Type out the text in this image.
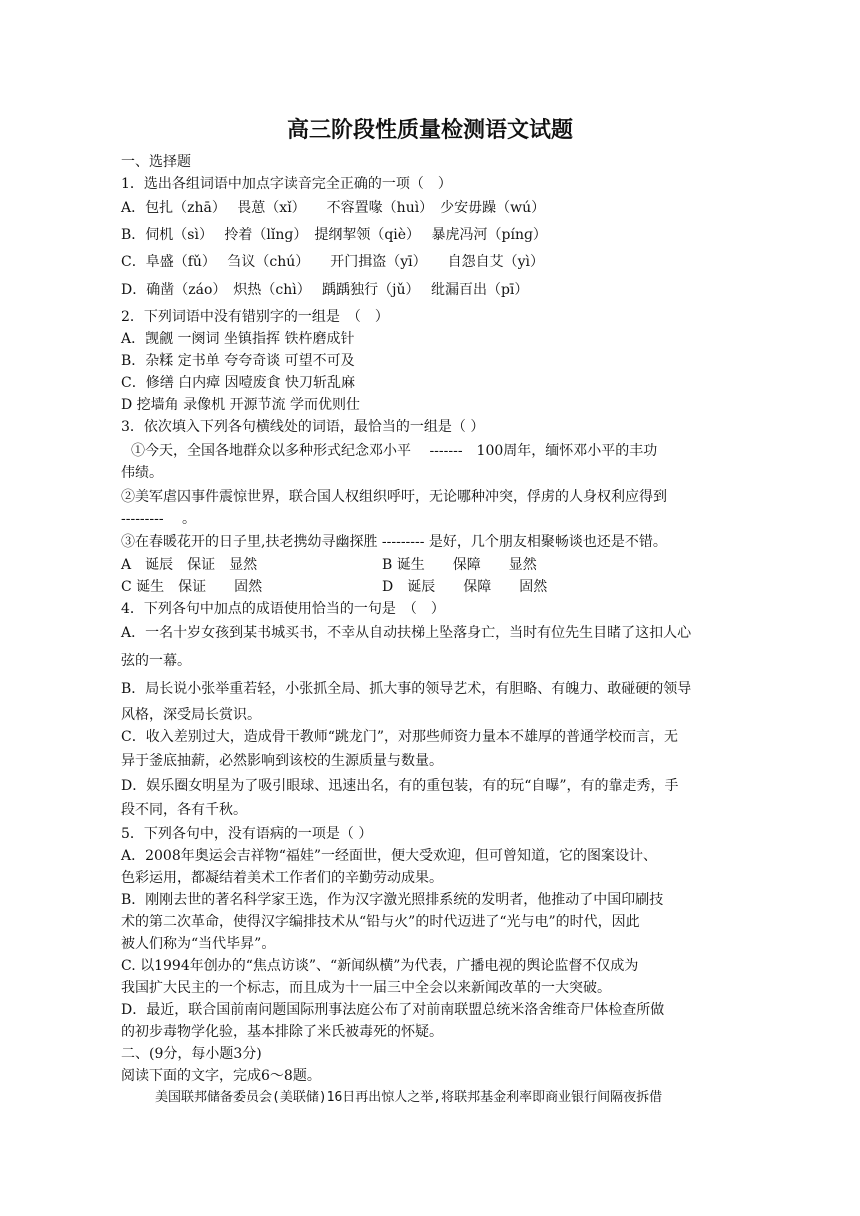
高三阶段性质量检测语文试题
一、选择题
1．选出各组词语中加点字读音完全正确的一项（　）
A．包扎（zhā）　 畏葸（xǐ）　　不容置喙（huì）　少安毋躁（wú）
B．伺机（sì）　 拎着（lǐnɡ）　提纲挈领（qiè）　 暴虎冯河（pínɡ）
C．阜盛（fǔ）　 刍议（chú）　　开门揖盗（yī）　　自怨自艾（yì）
D．确凿（záo）　炽热（chì）　 踽踽独行（jǔ）　 纰漏百出（pī）
2．下列词语中没有错别字的一组是　（　）
A．觊觎 一阕词 坐镇指挥 铁杵磨成针
B．杂糅 定书单 夸夸奇谈 可望不可及
C．修缮 白内瘴 因噎废食 快刀斩乱麻
D 挖墙角 录像机 开源节流 学而优则仕
3．依次填入下列各句横线处的词语，最恰当的一组是（ ）
①今天，全国各地群众以多种形式纪念邓小平　 -------　100周年，缅怀邓小平的丰功
伟绩。
②美军虐囚事件震惊世界，联合国人权组织呼吁，无论哪种冲突，俘虏的人身权利应得到
---------　 。
③在春暖花开的日子里,扶老携幼寻幽探胜 --------- 是好，几个朋友相聚畅谈也还是不错。
A　诞辰　保证　显然	B 诞生　　保障　　显然
C 诞生　保证　　固然	D　诞辰　　保障　　固然
4．下列各句中加点的成语使用恰当的一句是　（　）
A．一名十岁女孩到某书城买书，不幸从自动扶梯上坠落身亡，当时有位先生目睹了这扣人心
弦的一幕。
B．局长说小张举重若轻，小张抓全局、抓大事的领导艺术，有胆略、有魄力、敢碰硬的领导
风格，深受局长赏识。
C．收入差别过大，造成骨干教师“跳龙门”，对那些师资力量本不雄厚的普通学校而言，无
异于釜底抽薪，必然影响到该校的生源质量与数量。
D．娱乐圈女明星为了吸引眼球、迅速出名，有的重包装，有的玩“自曝”，有的靠走秀，手
段不同，各有千秋。
5．下列各句中，没有语病的一项是（ ）
A．2008年奥运会吉祥物“福娃”一经面世，便大受欢迎，但可曾知道，它的图案设计、
色彩运用，都凝结着美术工作者们的辛勤劳动成果。
B．刚刚去世的著名科学家王选，作为汉字激光照排系统的发明者，他推动了中国印刷技
术的第二次革命，使得汉字编排技术从“铅与火”的时代迈进了“光与电”的时代，因此
被人们称为“当代毕昇”。
C. 以1994年创办的“焦点访谈”、“新闻纵横”为代表，广播电视的舆论监督不仅成为
我国扩大民主的一个标志，而且成为十一届三中全会以来新闻改革的一大突破。
D．最近，联合国前南问题国际刑事法庭公布了对前南联盟总统米洛舍维奇尸体检查所做
的初步毒物学化验，基本排除了米氏被毒死的怀疑。
二、(9分，每小题3分)
阅读下面的文字，完成6～8题。
美国联邦储备委员会(美联储)16日再出惊人之举,将联邦基金利率即商业银行间隔夜拆借
